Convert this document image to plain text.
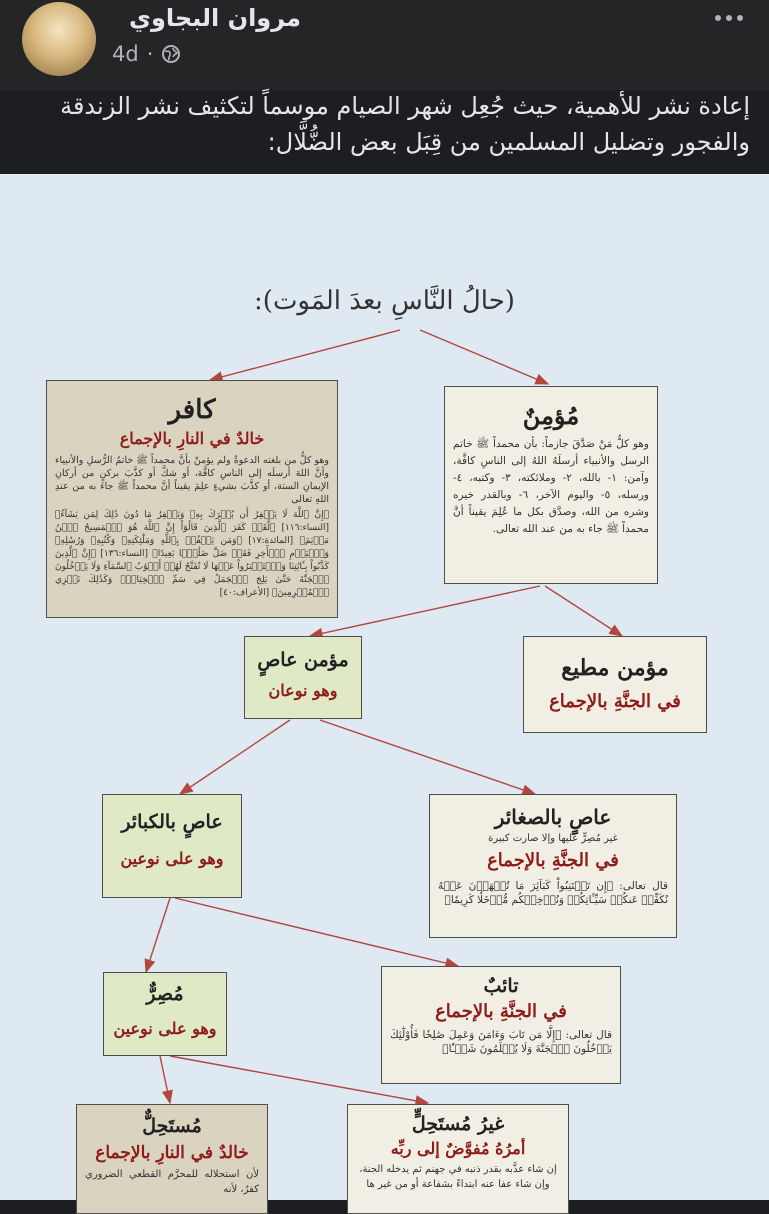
مروان البجاوي
4d ·
إعادة نشر للأهمية، حيث جُعِل شهر الصيام موسماً لتكثيف نشر الزندقة والفجور وتضليل المسلمين من قِبَل بعض الضُّلَّال:
(حالُ النَّاسِ بعدَ المَوت):
كافر
خالدٌ في النارِ بالإجماع
وهو كلُّ من بلغته الدعوةُ ولم يؤمنْ بأنَّ محمداً ﷺ خاتمُ الرُّسلِ والأنبياء وأنَّ اللهَ أرسلَه إلى الناسِ كافَّة، أو شكَّ أو كذَّبَ بركنٍ من أركانِ الإيمانِ الستة، أو كذَّبَ بشيءٍ علِمَ يقيناً أنَّ محمداً ﷺ جاءَ به من عندِ اللهِ تعالى
﴿إِنَّ ٱللَّهَ لَا يَغۡفِرُ أَن يُشۡرَكَ بِهِۦ وَيَغۡفِرُ مَا دُونَ ذَٰلِكَ لِمَن يَشَآءُ﴾ [النساء:١١٦] ﴿لَّقَدۡ كَفَرَ ٱلَّذِينَ قَالُوٓاْ إِنَّ ٱللَّهَ هُوَ ٱلۡمَسِيحُ ٱبۡنُ مَرۡيَمَ﴾ [المائدة:١٧] ﴿وَمَن يَكۡفُرۡ بِٱللَّهِ وَمَلَٰٓئِكَتِهِۦ وَكُتُبِهِۦ وَرُسُلِهِۦ وَٱلۡيَوۡمِ ٱلۡأٓخِرِ فَقَدۡ ضَلَّ ضَلَٰلَۢا بَعِيدًا﴾ [النساء:١٣٦] ﴿إِنَّ ٱلَّذِينَ كَذَّبُواْ بِـَٔايَٰتِنَا وَٱسۡتَكۡبَرُواْ عَنۡهَا لَا تُفَتَّحُ لَهُمۡ أَبۡوَٰبُ ٱلسَّمَآءِ وَلَا يَدۡخُلُونَ ٱلۡجَنَّةَ حَتَّىٰ يَلِجَ ٱلۡجَمَلُ فِي سَمِّ ٱلۡخِيَاطِۚ وَكَذَٰلِكَ نَجۡزِي ٱلۡمُجۡرِمِينَ﴾ [الأعراف:٤٠]
مُؤمِنٌ
وهو كلُّ مَنْ صَدَّقَ جازماً: بأن محمداً ﷺ خاتم الرسل والأنبياء أرسلَهُ اللهُ إلى الناسِ كافَّة، وآمن: ١- بالله، ٢- وملائكته، ٣- وكتبه، ٤- ورسله، ٥- واليوم الآخر، ٦- وبالقدر خيره وشره من الله، وصدَّق بكل ما عُلِمَ يقيناً أنَّ محمداً ﷺ جاء به من عند الله تعالى.
مؤمن مطيع
في الجنَّةِ بالإجماع
مؤمن عاصٍ
وهو نوعان
عاصٍ بالصغائر
غير مُصِرٍّ عليها وإلا صارت كبيرة
في الجنَّةِ بالإجماع
قال تعالى: ﴿إِن تَجۡتَنِبُواْ كَبَآئِرَ مَا تُنۡهَوۡنَ عَنۡهُ نُكَفِّرۡ عَنكُمۡ سَيِّـَٔاتِكُمۡ وَنُدۡخِلۡكُم مُّدۡخَلٗا كَرِيمٗا﴾
عاصٍ بالكبائر
وهو على نوعين
تائبٌ
في الجنَّةِ بالإجماع
قال تعالى: ﴿إِلَّا مَن تَابَ وَءَامَنَ وَعَمِلَ صَٰلِحٗا فَأُوْلَٰٓئِكَ يَدۡخُلُونَ ٱلۡجَنَّةَ وَلَا يُظۡلَمُونَ شَيۡـٔٗا﴾
مُصِرٌّ
وهو على نوعين
مُستَحِلٌّ
خالدٌ في النارِ بالإجماع
لأن استحلاله للمحرَّم القطعي الضروري كفرٌ، لأنه
غيرُ مُستَحِلٍّ
أمرُهُ مُفوَّضٌ إلى ربِّه
إن شاء عذَّبه بقدر ذنبه في جهنم ثم يدخله الجنة، وإن شاء عفا عنه ابتداءً بشفاعة أو من غير ها
